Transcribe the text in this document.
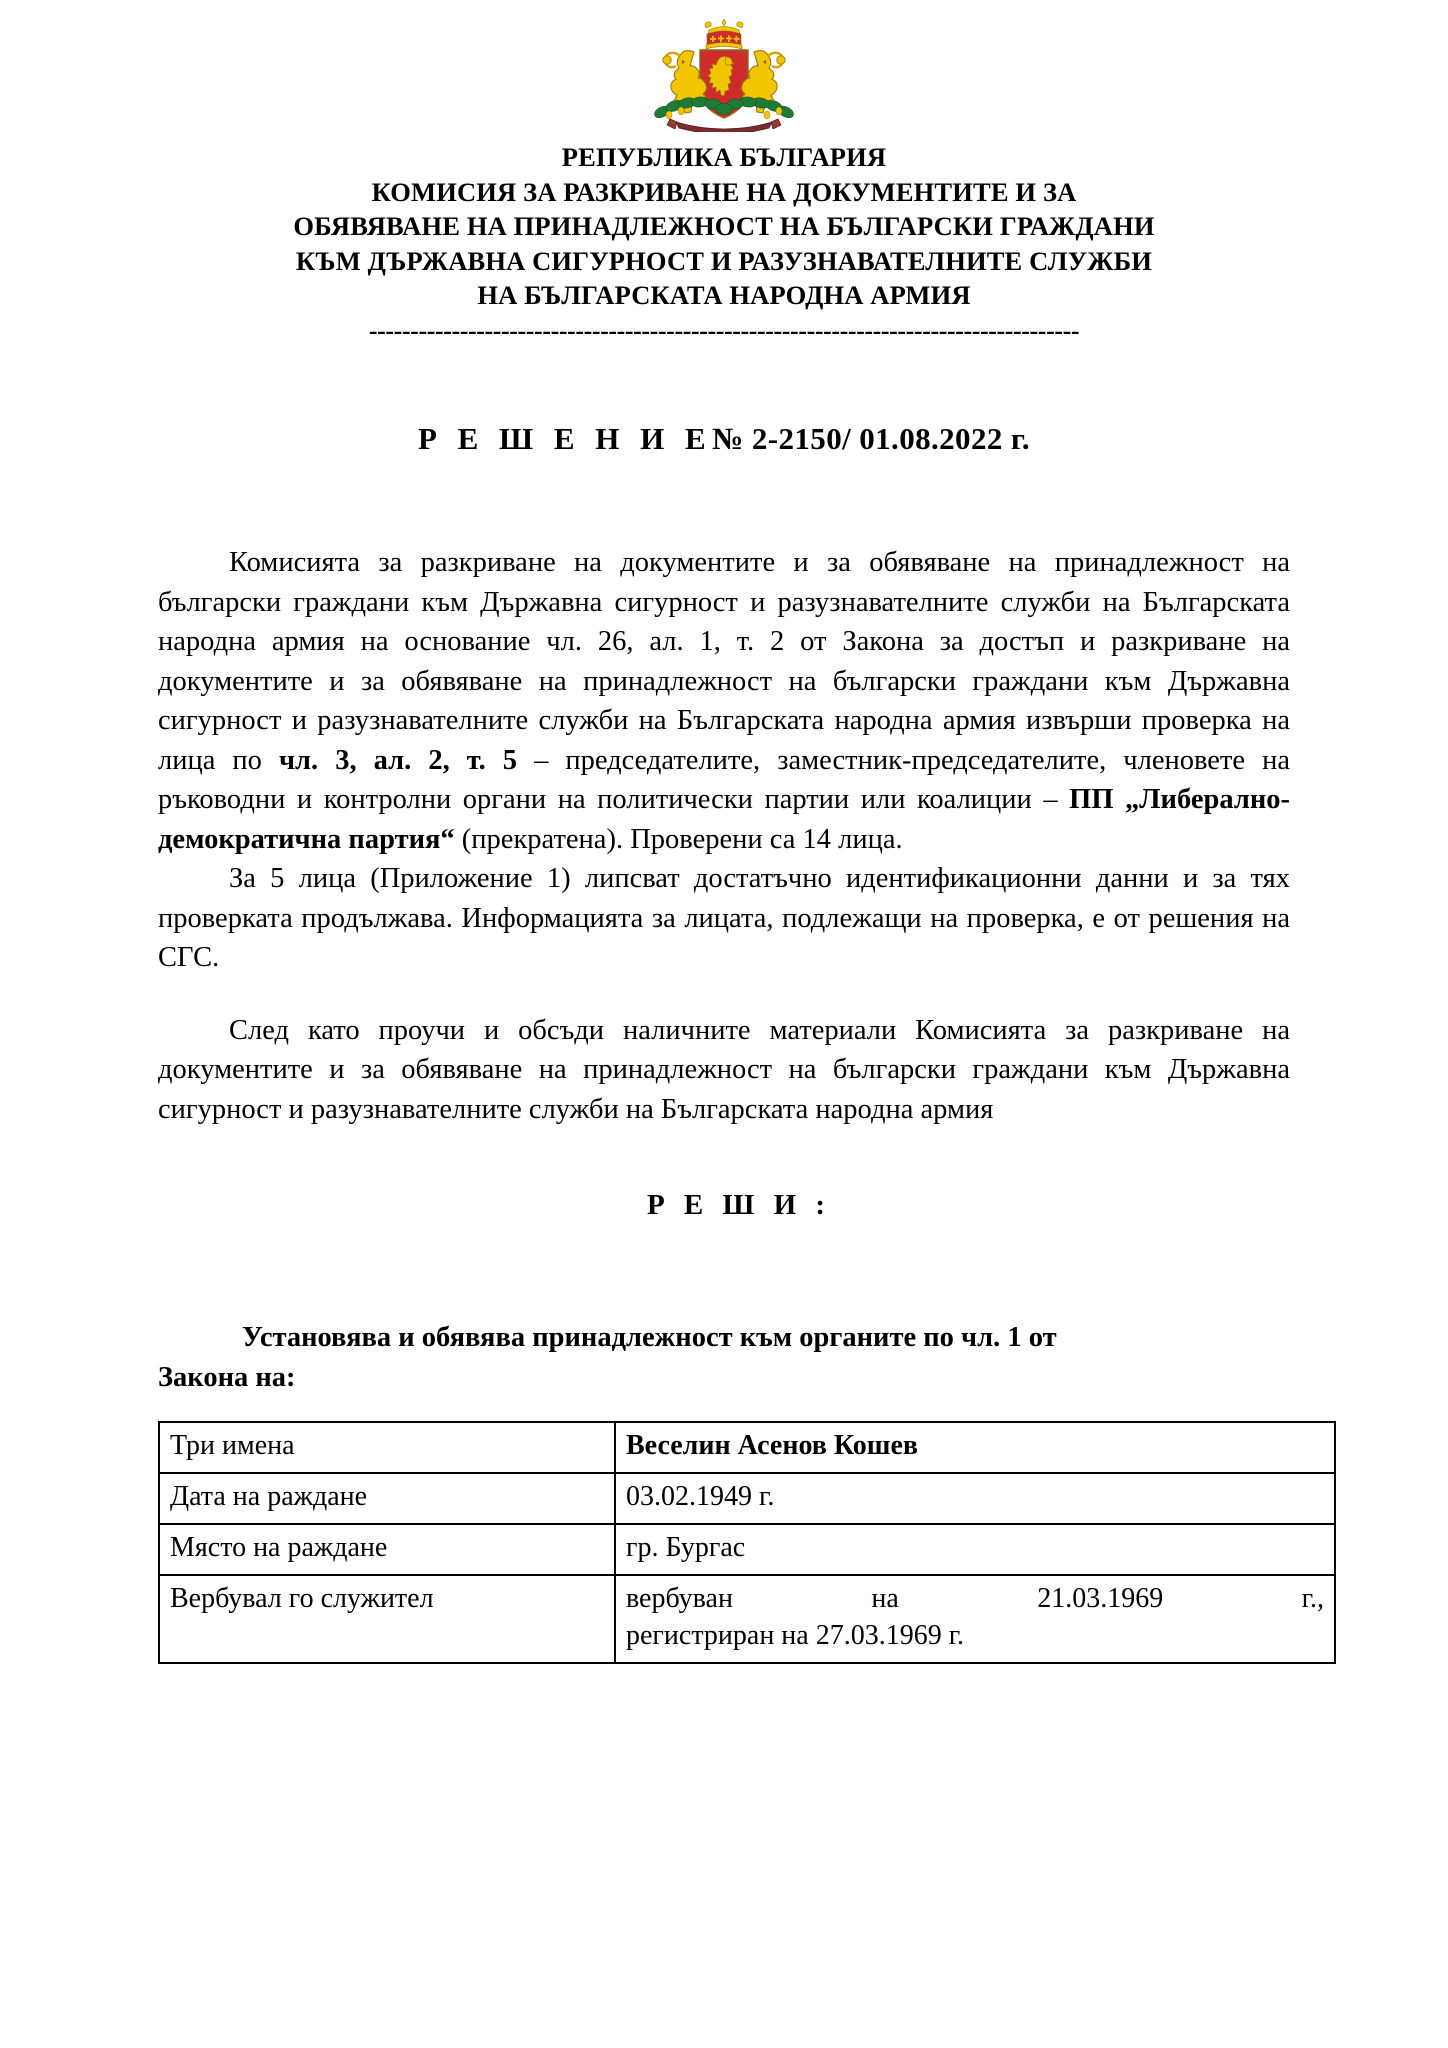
РЕПУБЛИКА БЪЛГАРИЯ
КОМИСИЯ ЗА РАЗКРИВАНЕ НА ДОКУМЕНТИТЕ И ЗА
ОБЯВЯВАНЕ НА ПРИНАДЛЕЖНОСТ НА БЪЛГАРСКИ ГРАЖДАНИ
КЪМ ДЪРЖАВНА СИГУРНОСТ И РАЗУЗНАВАТЕЛНИТЕ СЛУЖБИ
НА БЪЛГАРСКАТА НАРОДНА АРМИЯ
--------------------------------------------------------------------------------------
Р Е Ш Е Н И Е№ 2-2150/ 01.08.2022 г.

Комисията за разкриване на документите и за обявяване на принадлежност на български граждани към Държавна сигурност и разузнавателните служби на Българската народна армия на основание чл. 26, ал. 1, т. 2 от Закона за достъп и разкриване на документите и за обявяване на принадлежност на български граждани към Държавна сигурност и разузнавателните служби на Българската народна армия извърши проверка на лица по чл. 3, ал. 2, т. 5 – председателите, заместник-председателите, членовете на ръководни и контролни органи на политически партии или коалиции – ПП „Либерално-демократична партия“ (прекратена). Проверени са 14 лица.

За 5 лица (Приложение 1) липсват достатъчно идентификационни данни и за тях проверката продължава. Информацията за лицата, подлежащи на проверка, е от решения на СГС.

След като проучи и обсъди наличните материали Комисията за разкриване на документите и за обявяване на принадлежност на български граждани към Държавна сигурност и разузнавателните служби на Българската народна армия

Р Е Ш И :
Установява и обявява принадлежност към органите по чл. 1 от
Закона на:
Три имена	Веселин Асенов Кошев
Дата на раждане	03.02.1949 г.
Място на раждане	гр. Бургас
Вербувал го служител	вербуван на 21.03.1969 г.,
регистриран на 27.03.1969 г.
